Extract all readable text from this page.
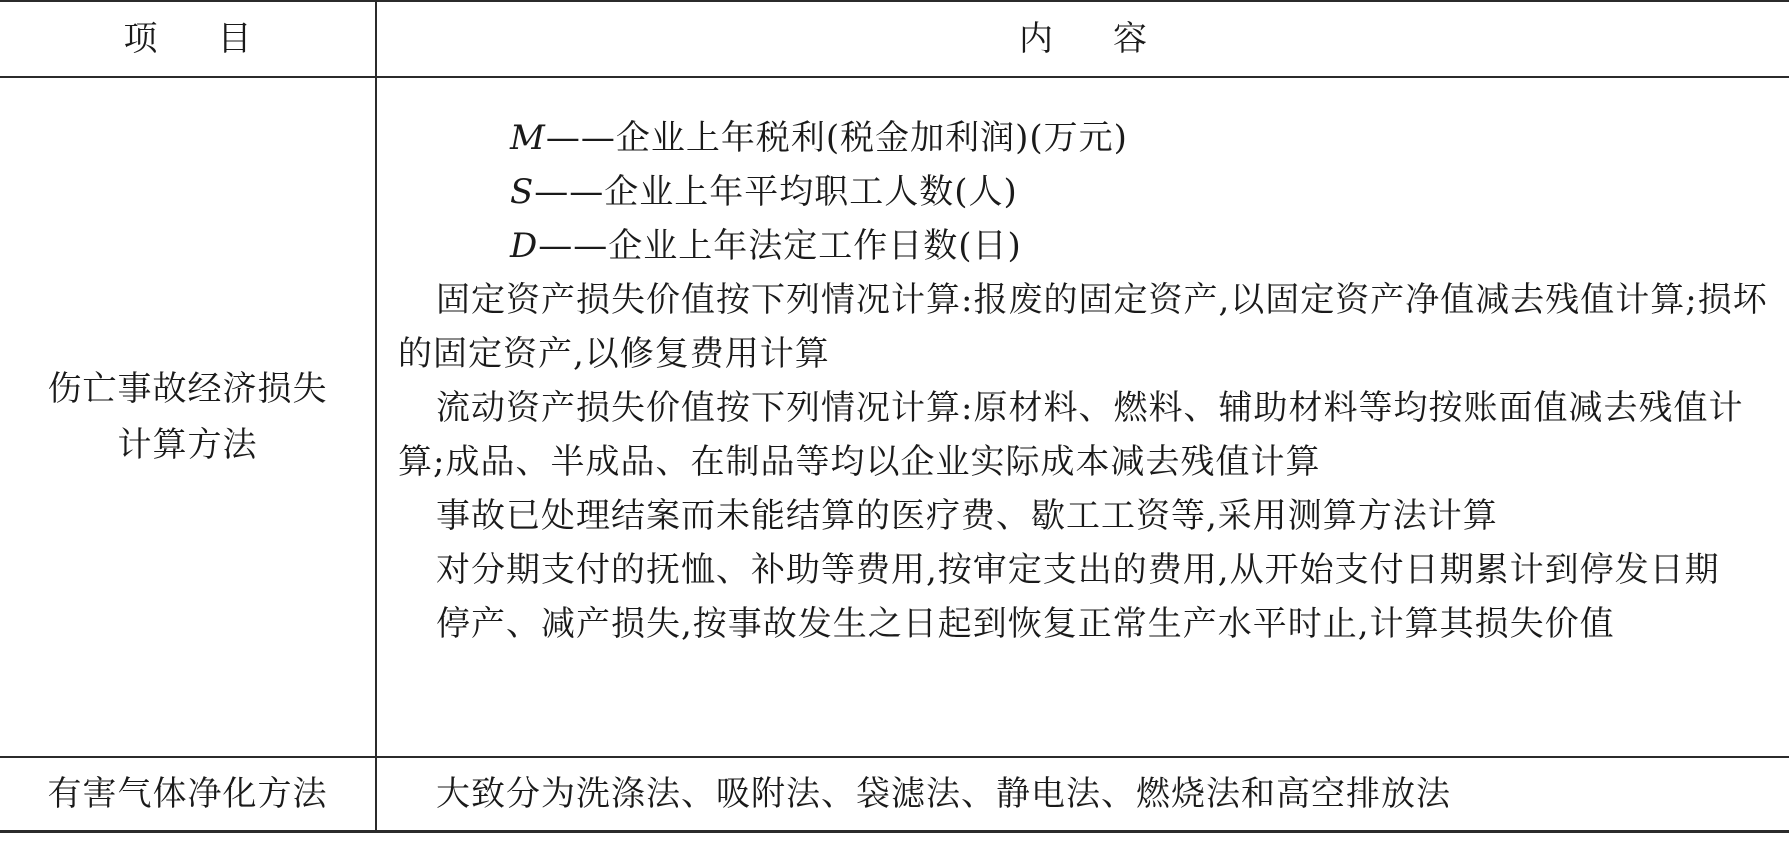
项目	内容
伤亡事故经济损失
计算方法
M——企业上年税利(税金加利润)(万元)
S——企业上年平均职工人数(人)
D——企业上年法定工作日数(日)
固定资产损失价值按下列情况计算:报废的固定资产,以固定资产净值减去残值计算;损坏的固定资产,以修复费用计算
流动资产损失价值按下列情况计算:原材料、燃料、辅助材料等均按账面值减去残值计算;成品、半成品、在制品等均以企业实际成本减去残值计算
事故已处理结案而未能结算的医疗费、歇工工资等,采用测算方法计算
对分期支付的抚恤、补助等费用,按审定支出的费用,从开始支付日期累计到停发日期
停产、减产损失,按事故发生之日起到恢复正常生产水平时止,计算其损失价值
有害气体净化方法	大致分为洗涤法、吸附法、袋滤法、静电法、燃烧法和高空排放法
